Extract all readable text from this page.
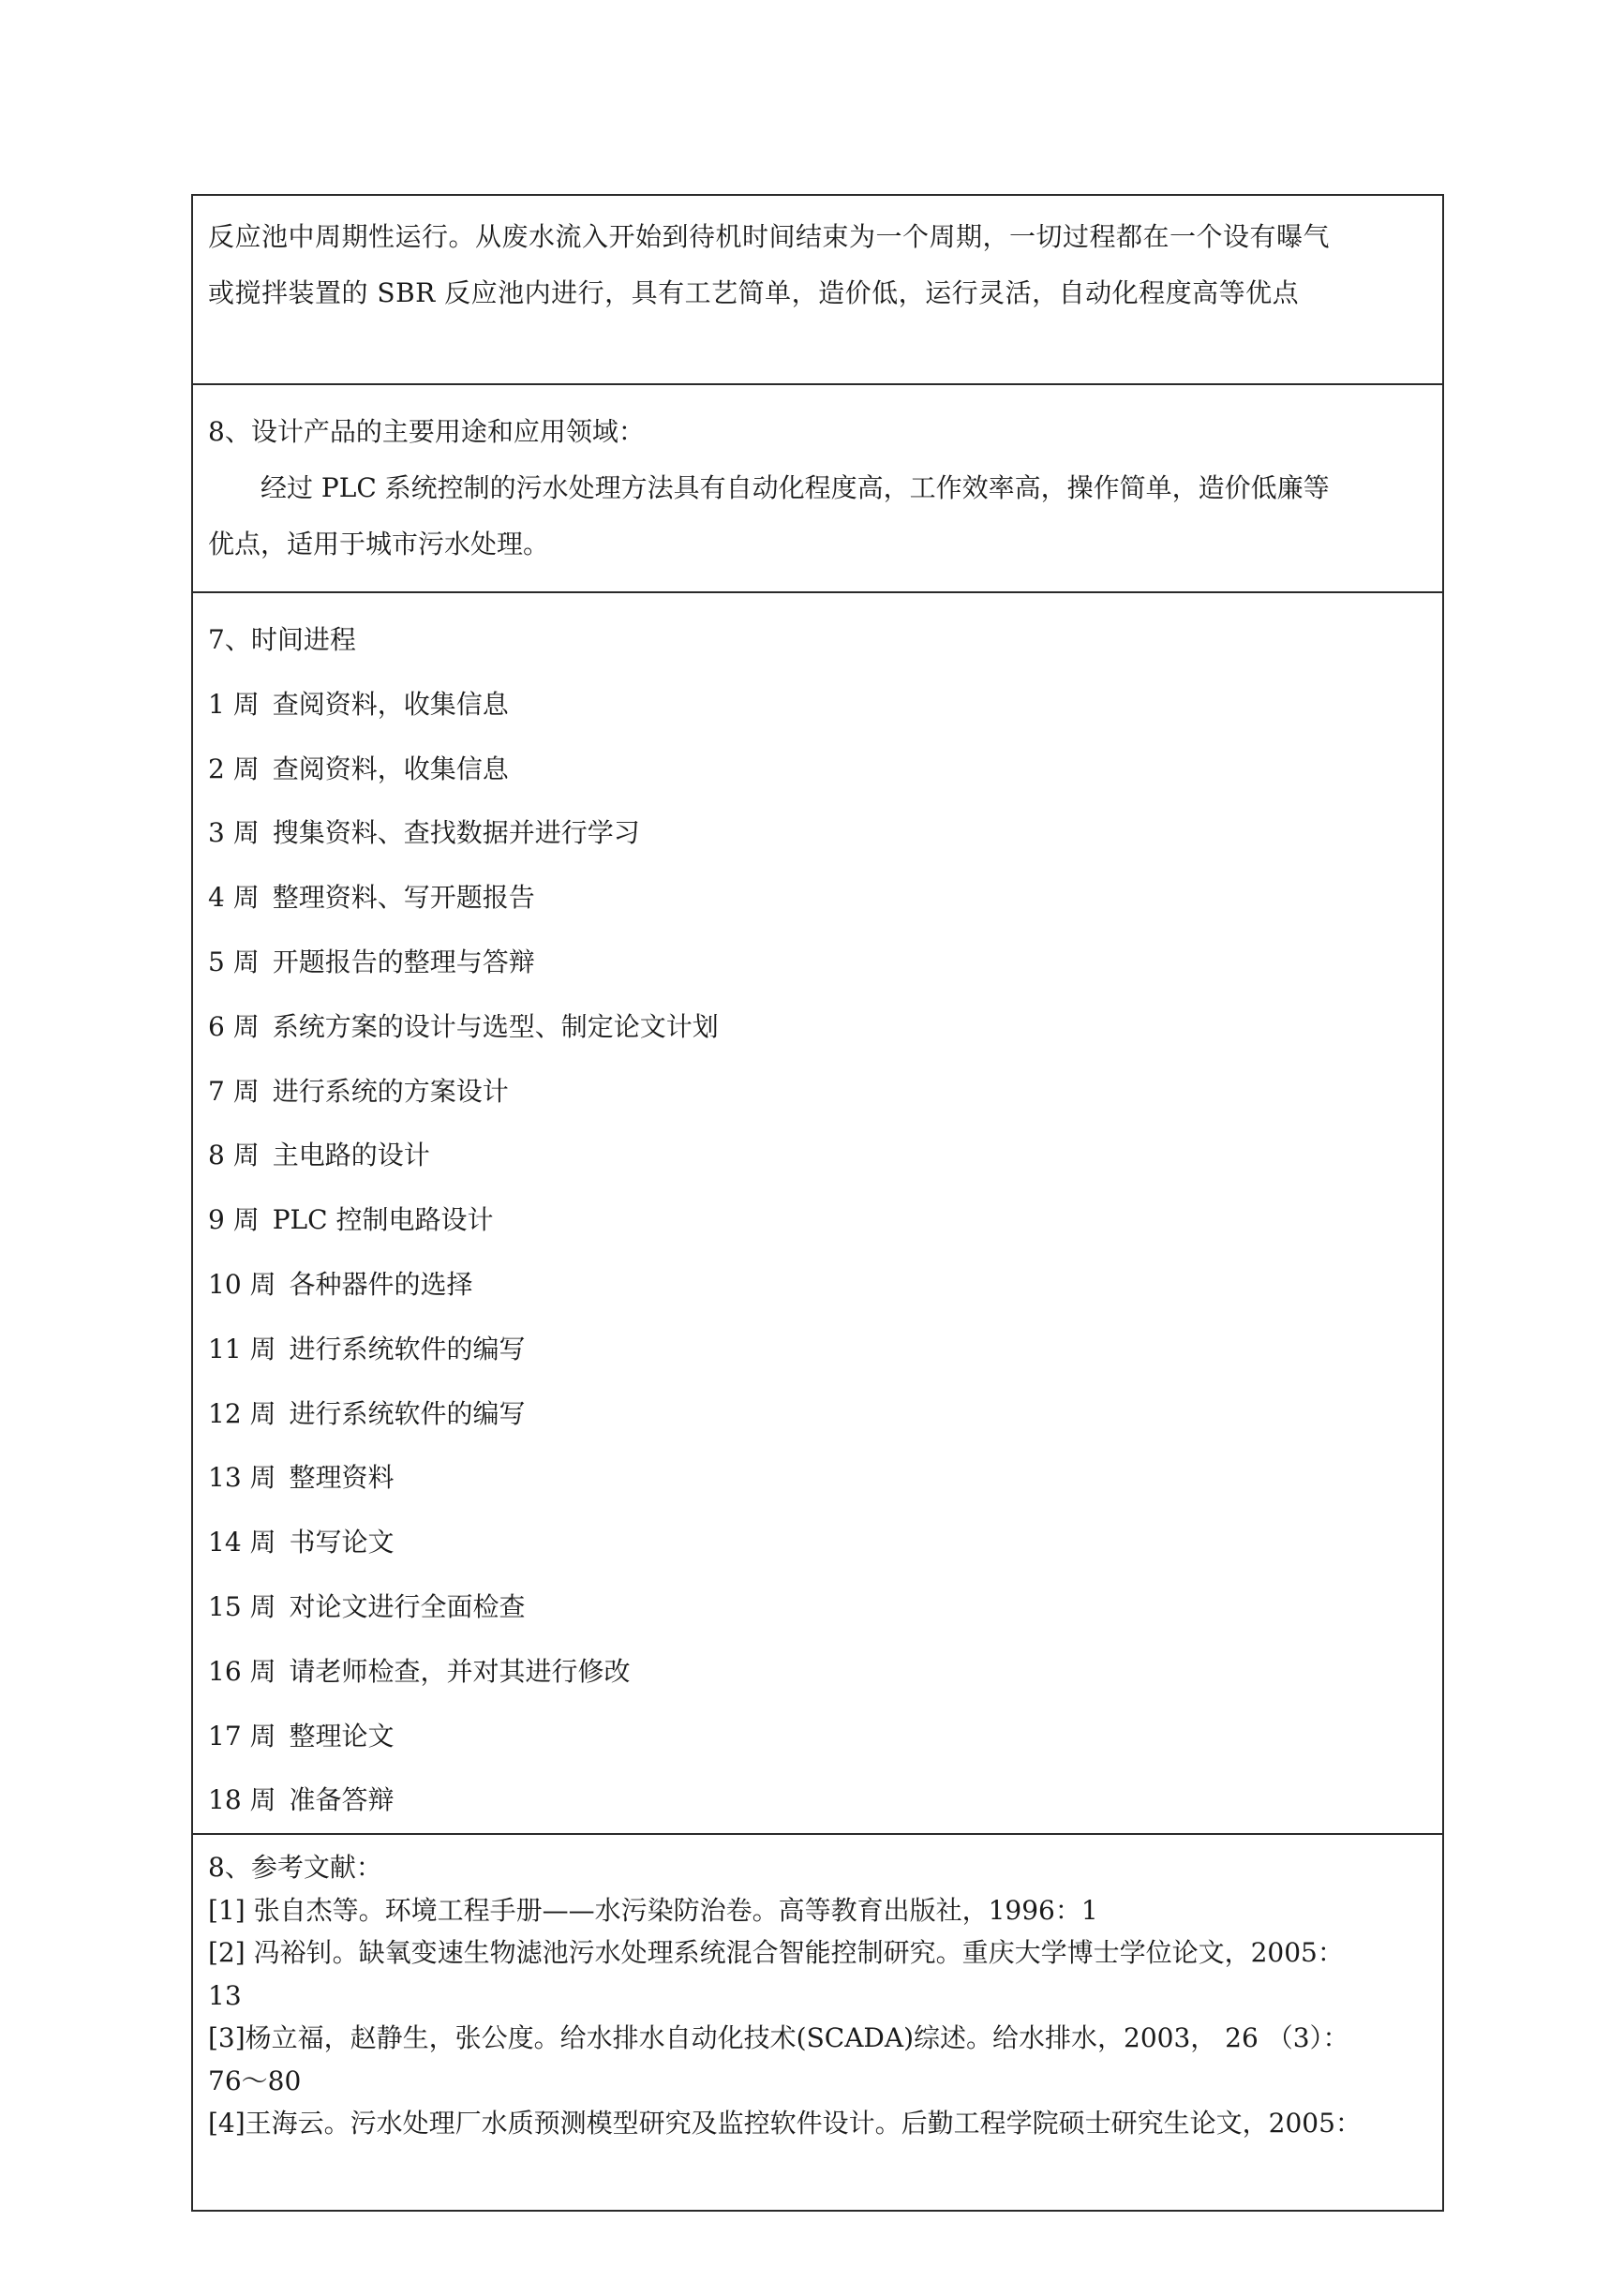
反应池中周期性运行。从废水流入开始到待机时间结束为一个周期，一切过程都在一个设有曝气
或搅拌装置的 SBR 反应池内进行，具有工艺简单，造价低，运行灵活，自动化程度高等优点

8、设计产品的主要用途和应用领域：
经过 PLC 系统控制的污水处理方法具有自动化程度高，工作效率高，操作简单，造价低廉等
优点，适用于城市污水处理。

7、时间进程
1 周 查阅资料，收集信息
2 周 查阅资料，收集信息
3 周 搜集资料、查找数据并进行学习
4 周 整理资料、写开题报告
5 周 开题报告的整理与答辩
6 周 系统方案的设计与选型、制定论文计划
7 周 进行系统的方案设计
8 周 主电路的设计
9 周 PLC 控制电路设计
10 周 各种器件的选择
11 周 进行系统软件的编写
12 周 进行系统软件的编写
13 周 整理资料
14 周 书写论文
15 周 对论文进行全面检查
16 周 请老师检查，并对其进行修改
17 周 整理论文
18 周 准备答辩

8、参考文献：
[1] 张自杰等。环境工程手册——水污染防治卷。高等教育出版社，1996：1
[2] 冯裕钊。缺氧变速生物滤池污水处理系统混合智能控制研究。重庆大学博士学位论文，2005：
13
[3]杨立福，赵静生，张公度。给水排水自动化技术(SCADA)综述。给水排水，2003， 26 （3）：
76～80
[4]王海云。污水处理厂水质预测模型研究及监控软件设计。后勤工程学院硕士研究生论文，2005：
